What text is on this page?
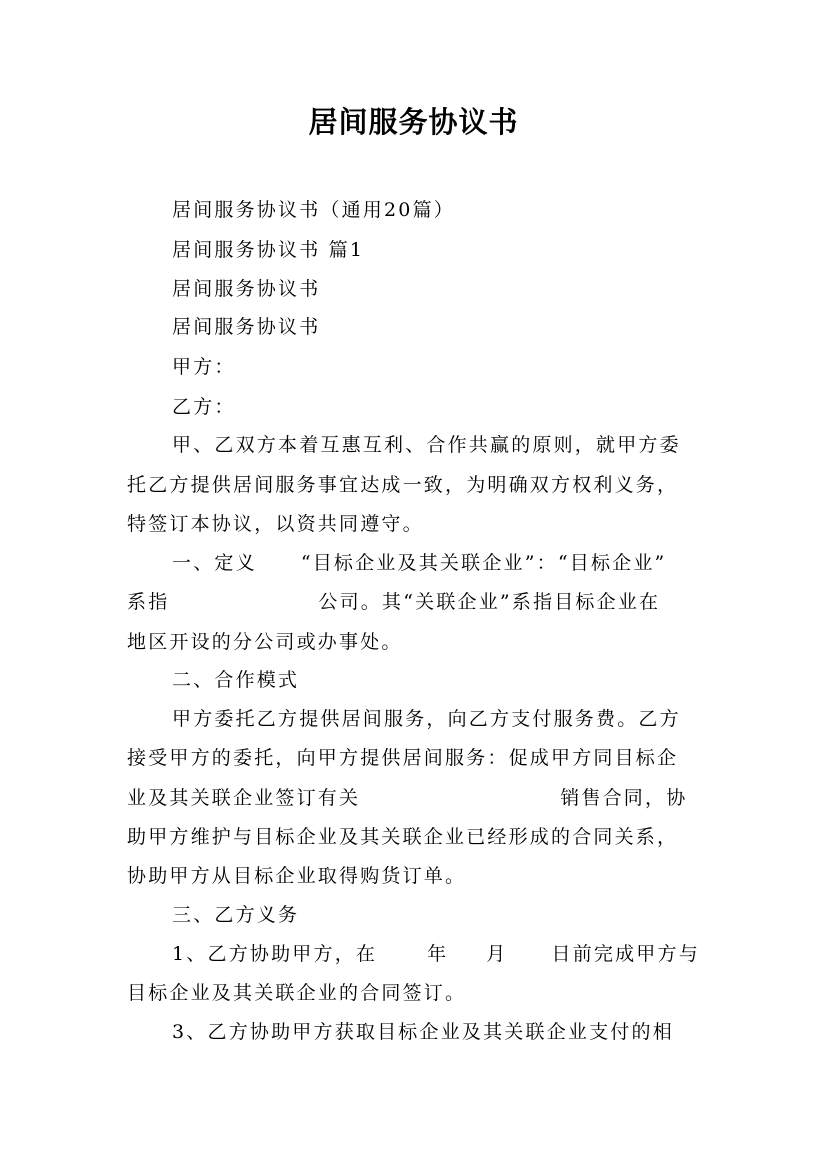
居间服务协议书
居间服务协议书（通用20篇）
居间服务协议书 篇1
居间服务协议书
居间服务协议书
甲方：
乙方：
甲、乙双方本着互惠互利、合作共赢的原则，就甲方委
托乙方提供居间服务事宜达成一致，为明确双方权利义务，
特签订本协议，以资共同遵守。
一、定义 “目标企业及其关联企业”：“目标企业”
系指	公司。其“关联企业”系指目标企业在
地区开设的分公司或办事处。
二、合作模式
甲方委托乙方提供居间服务，向乙方支付服务费。乙方
接受甲方的委托，向甲方提供居间服务：促成甲方同目标企
业及其关联企业签订有关	销售合同，协
助甲方维护与目标企业及其关联企业已经形成的合同关系，
协助甲方从目标企业取得购货订单。
三、乙方义务
1、乙方协助甲方，在	年 月 日前完成甲方与
目标企业及其关联企业的合同签订。
3、乙方协助甲方获取目标企业及其关联企业支付的相
